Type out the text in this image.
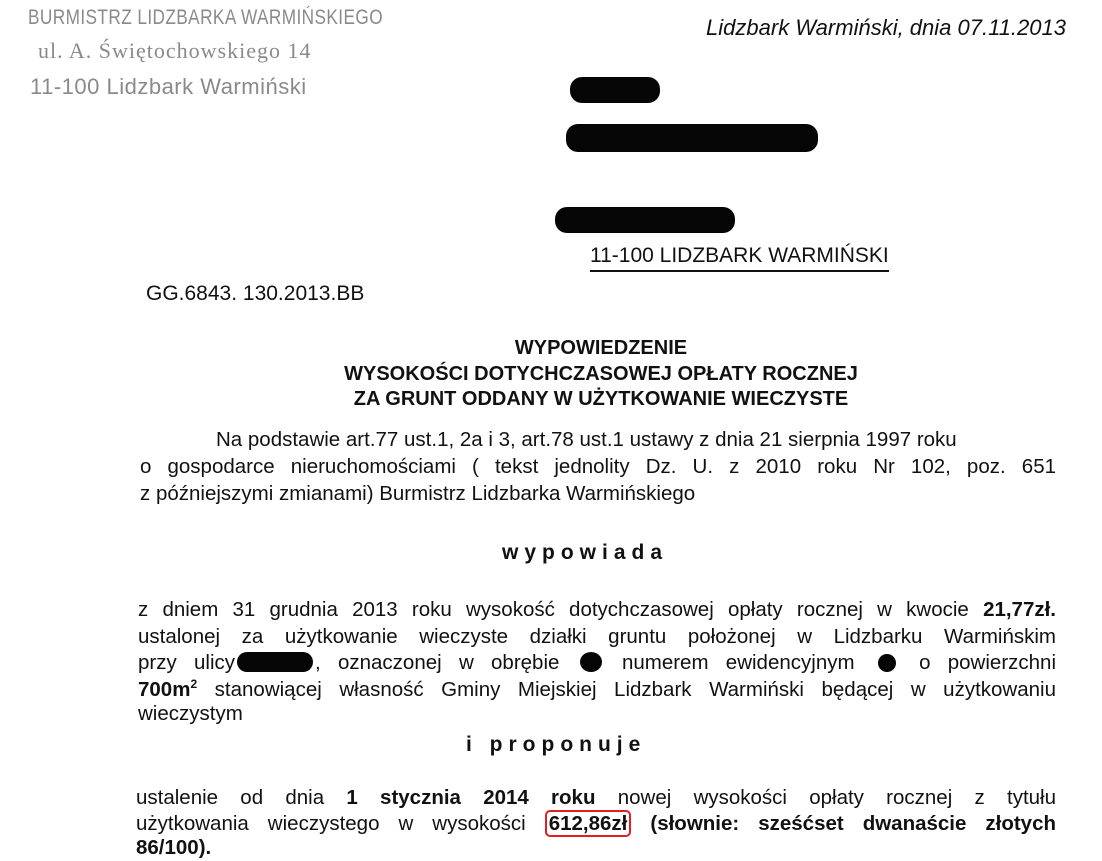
BURMISTRZ LIDZBARKA WARMIŃSKIEGO
ul. A. Świętochowskiego 14
11-100 Lidzbark Warmiński
Lidzbark Warmiński, dnia 07.11.2013
11-100 LIDZBARK WARMIŃSKI
GG.6843. 130.2013.BB
WYPOWIEDZENIE
WYSOKOŚCI DOTYCHCZASOWEJ OPŁATY ROCZNEJ
ZA GRUNT ODDANY W UŻYTKOWANIE WIECZYSTE
Na podstawie art.77 ust.1, 2a i 3, art.78 ust.1 ustawy z dnia 21 sierpnia 1997 roku
o gospodarce nieruchomościami ( tekst jednolity Dz. U. z 2010 roku Nr 102, poz. 651
z późniejszymi zmianami) Burmistrz Lidzbarka Warmińskiego
wypowiada
z dniem 31 grudnia 2013 roku wysokość dotychczasowej opłaty rocznej w kwocie 21,77zł.
ustalonej za użytkowanie wieczyste działki gruntu położonej w Lidzbarku Warmińskim
przy ulicy	, oznaczonej w obrębie	numerem ewidencyjnym	o powierzchni
$700m^2$ stanowiącej własność Gminy Miejskiej Lidzbark Warmiński będącej w użytkowaniu
wieczystym
i proponuje
ustalenie od dnia 1 stycznia 2014 roku nowej wysokości opłaty rocznej z tytułu
użytkowania wieczystego w wysokości 612,86zł (słownie: sześćset dwanaście złotych
86/100).
